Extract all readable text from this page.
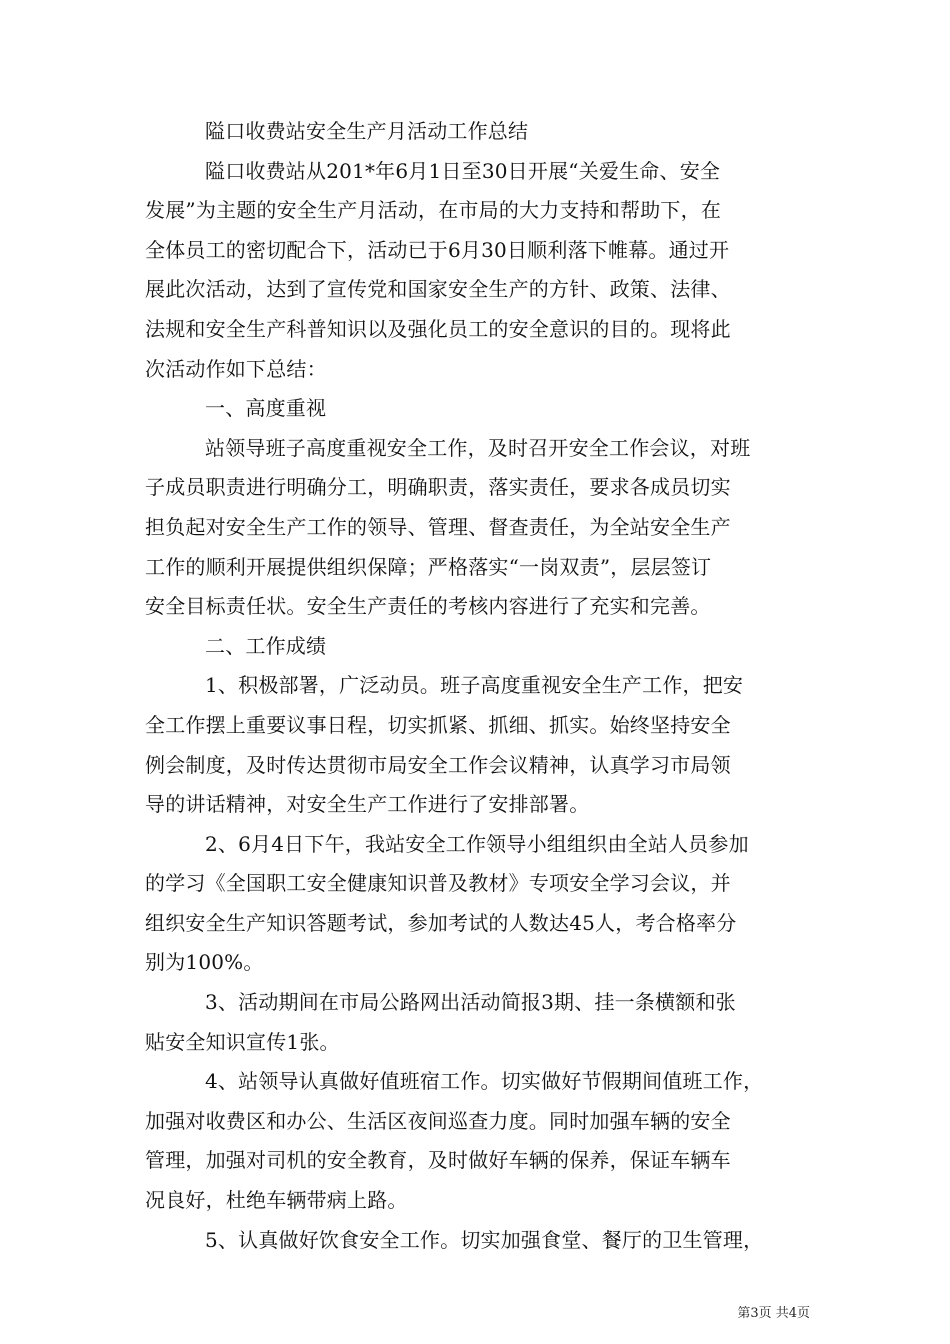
隘口收费站安全生产月活动工作总结
隘口收费站从201*年6月1日至30日开展“关爱生命、安全
发展”为主题的安全生产月活动，在市局的大力支持和帮助下，在
全体员工的密切配合下，活动已于6月30日顺利落下帷幕。通过开
展此次活动，达到了宣传党和国家安全生产的方针、政策、法律、
法规和安全生产科普知识以及强化员工的安全意识的目的。现将此
次活动作如下总结：
一、高度重视
站领导班子高度重视安全工作，及时召开安全工作会议，对班
子成员职责进行明确分工，明确职责，落实责任，要求各成员切实
担负起对安全生产工作的领导、管理、督查责任，为全站安全生产
工作的顺利开展提供组织保障；严格落实“一岗双责”，层层签订
安全目标责任状。安全生产责任的考核内容进行了充实和完善。
二、工作成绩
1、积极部署，广泛动员。班子高度重视安全生产工作，把安
全工作摆上重要议事日程，切实抓紧、抓细、抓实。始终坚持安全
例会制度，及时传达贯彻市局安全工作会议精神，认真学习市局领
导的讲话精神，对安全生产工作进行了安排部署。
2、6月4日下午，我站安全工作领导小组组织由全站人员参加
的学习《全国职工安全健康知识普及教材》专项安全学习会议，并
组织安全生产知识答题考试，参加考试的人数达45人，考合格率分
别为100%。
3、活动期间在市局公路网出活动简报3期、挂一条横额和张
贴安全知识宣传1张。
4、站领导认真做好值班宿工作。切实做好节假期间值班工作，
加强对收费区和办公、生活区夜间巡查力度。同时加强车辆的安全
管理，加强对司机的安全教育，及时做好车辆的保养，保证车辆车
况良好，杜绝车辆带病上路。
5、认真做好饮食安全工作。切实加强食堂、餐厅的卫生管理，
第3页 共4页
